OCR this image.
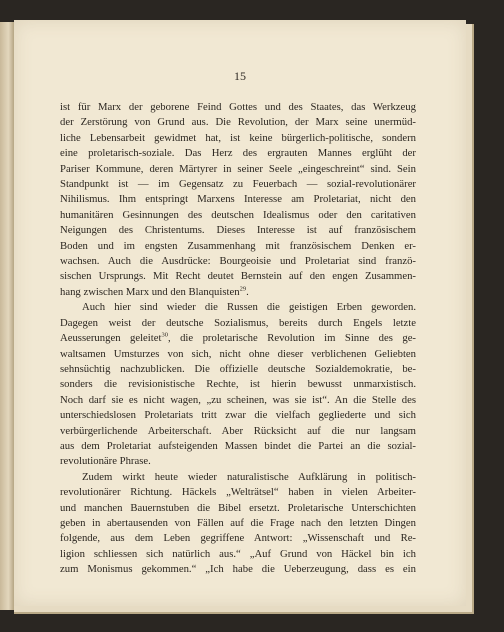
15
ist für Marx der geborene Feind Gottes und des Staates, das Werkzeug
der Zerstörung von Grund aus. Die Revolution, der Marx seine unermüd-
liche Lebensarbeit gewidmet hat, ist keine bürgerlich-politische, sondern
eine proletarisch-soziale. Das Herz des ergrauten Mannes erglüht der
Pariser Kommune, deren Märtyrer in seiner Seele „eingeschreint“ sind. Sein
Standpunkt ist — im Gegensatz zu Feuerbach — sozial-revolutionärer
Nihilismus. Ihm entspringt Marxens Interesse am Proletariat, nicht den
humanitären Gesinnungen des deutschen Idealismus oder den caritativen
Neigungen des Christentums. Dieses Interesse ist auf französischem
Boden und im engsten Zusammenhang mit französischem Denken er-
wachsen. Auch die Ausdrücke: Bourgeoisie und Proletariat sind franzö-
sischen Ursprungs. Mit Recht deutet Bernstein auf den engen Zusammen-
hang zwischen Marx und den Blanquisten$^{29}$.
Auch hier sind wieder die Russen die geistigen Erben geworden.
Dagegen weist der deutsche Sozialismus, bereits durch Engels letzte
Aeusserungen geleitet$^{30}$, die proletarische Revolution im Sinne des ge-
waltsamen Umsturzes von sich, nicht ohne dieser verblichenen Geliebten
sehnsüchtig nachzublicken. Die offizielle deutsche Sozialdemokratie, be-
sonders die revisionistische Rechte, ist hierin bewusst unmarxistisch.
Noch darf sie es nicht wagen, „zu scheinen, was sie ist“. An die Stelle des
unterschiedslosen Proletariats tritt zwar die vielfach gegliederte und sich
verbürgerlichende Arbeiterschaft. Aber Rücksicht auf die nur langsam
aus dem Proletariat aufsteigenden Massen bindet die Partei an die sozial-
revolutionäre Phrase.
Zudem wirkt heute wieder naturalistische Aufklärung in politisch-
revolutionärer Richtung. Häckels „Welträtsel“ haben in vielen Arbeiter-
und manchen Bauernstuben die Bibel ersetzt. Proletarische Unterschichten
geben in abertausenden von Fällen auf die Frage nach den letzten Dingen
folgende, aus dem Leben gegriffene Antwort: „Wissenschaft und Re-
ligion schliessen sich natürlich aus.“ „Auf Grund von Häckel bin ich
zum Monismus gekommen.“ „Ich habe die Ueberzeugung, dass es ein
